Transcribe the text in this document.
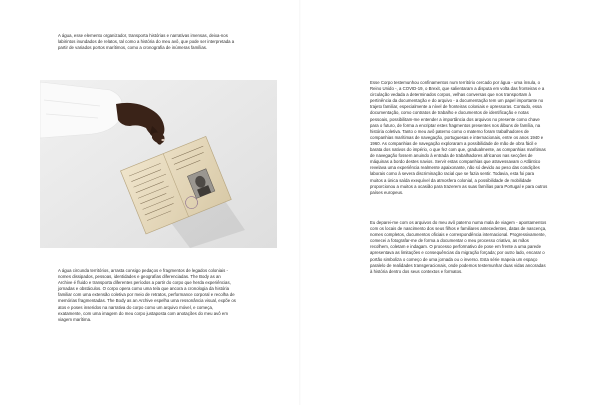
A água, esse elemento organizador, transporta histórias e narrativas imensas, deixa-nos labirintos inundados de relatos, tal como a história do meu avô, que pode ser interpretada a partir de variados portos marítimos, como a cronografia de inúmeras famílias.

A água circunda territórios, arrasta consigo pedaços e fragmentos de legados coloniais - nomes dissipados, pessoas, identidades e geografias diferenciadas. The Body as an Archive é fluido e transporta diferentes períodos a partir do corpo que herda experiências, jornadas e obstáculos. O corpo opera como uma tela que ancora a cronologia da história familiar com uma extensão coletiva por meio de retratos, performance corporal e recolha de memórias fragmentadas. The Body as an Archive espelha uma ressonância visual, expõe os atos e poses inseridos na narrativa do corpo como um arquivo móvel, e começa, exatamente, com uma imagem do meu corpo justaposta com anotações do meu avô em viagem marítima.

Esse Corpo testemunhou confinamentos num território cercado por água - uma ínsula, o Reino Unido -, a COVID-19, o Brexit, que salientaram a disputa em volta das fronteiras e a circulação vedada a determinados corpos, velhas conversas que nos transportam à pertinência da documentação e do arquivo - a documentação tem um papel importante no trajeto familiar, especialmente a nível de fronteiras coloniais e opressoras. Contudo, essa documentação, como contratos de trabalho e documentos de identificação e notas pessoais, possibilitam-me entender a importância dos arquivos no presente como chave para o futuro, de forma a encriptar estes fragmentos presentes nos álbuns de família, na história coletiva. Tanto o meu avô paterno como o materno foram trabalhadores de companhias marítimas de navegação, portuguesas e internacionais, entre os anos 1940 e 1960. As companhias de navegação exploraram a possibilidade de mão de obra fácil e barata dos nativos do império, o que fez com que, gradualmente, as companhias marítimas de navegação fossem anuindo à entrada de trabalhadores africanos nas secções de máquinas a bordo destes navios. Servir estas companhias que atravessavam o Atlântico revelava uma experiência realmente apaixonante, não só devido ao peso das condições laborais como à severa discriminação racial que se fazia sentir. Todavia, esta foi para muitos a única saída exequível da atmosfera colonial, a possibilidade de mobilidade proporcionou a muitos a ocasião para trazerem as suas famílias para Portugal e para outros países europeus.

Eu deparei-me com os arquivos do meu avô paterno numa mala de viagem - apontamentos com os locais de nascimento dos seus filhos e familiares antecedentes, datas de nascença, nomes completos, documentos oficiais e correspondência internacional. Progressivamente, comecei a fotografar-me de forma a documentar o meu processo criativo, as mãos recolhem, coletam e indagam. O processo performativo de pose em frente a uma parede apresentava as limitações e consequências da migração forçada; por outro lado, encarar o portão simboliza o começo de uma jornada ou o inverso. Esta série mapeia um espaço paralelo de realidades transgeracionais, onde podemos testemunhar duas vidas ancoradas à história dentro dos seus contextos e formatos.
